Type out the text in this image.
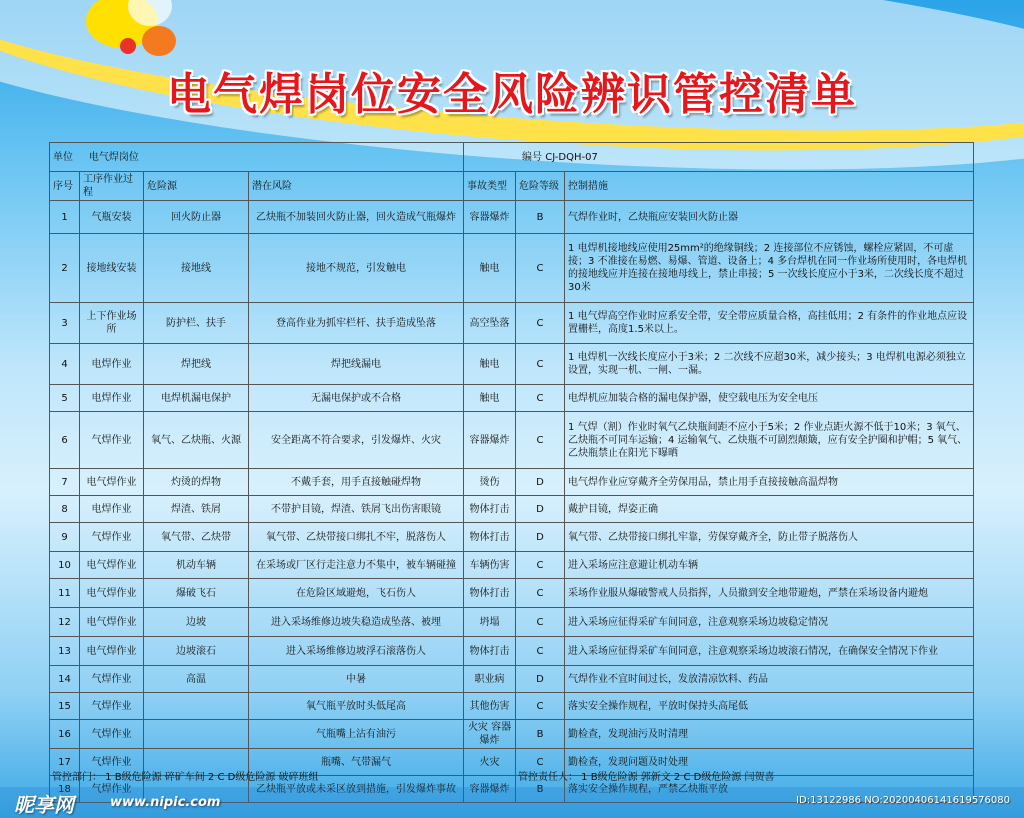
电气焊岗位安全风险辨识管控清单
单位 电气焊岗位				编号 CJ-DQH-07		
序号	工序作业过程	危险源	潜在风险	事故类型	危险等级	控制措施
1	气瓶安装	回火防止器	乙炔瓶不加装回火防止器，回火造成气瓶爆炸	容器爆炸	B	气焊作业时，乙炔瓶应安装回火防止器
2	接地线安装	接地线	接地不规范，引发触电	触电	C	1 电焊机接地线应使用25mm²的绝缘铜线；2 连接部位不应锈蚀，螺栓应紧固，不可虚接；3 不准接在易燃、易爆、管道、设备上；4 多台焊机在同一作业场所使用时，各电焊机的接地线应并连接在接地母线上，禁止串接；5 一次线长度应小于3米，二次线长度不超过30米
3	上下作业场所	防护栏、扶手	登高作业为抓牢栏杆、扶手造成坠落	高空坠落	C	1 电气焊高空作业时应系安全带，安全带应质量合格，高挂低用；2 有条件的作业地点应设置栅栏，高度1.5米以上。
4	电焊作业	焊把线	焊把线漏电	触电	C	1 电焊机一次线长度应小于3米；2 二次线不应超30米，减少接头；3 电焊机电源必须独立设置，实现一机、一闸、一漏。
5	电焊作业	电焊机漏电保护	无漏电保护或不合格	触电	C	电焊机应加装合格的漏电保护器，使空载电压为安全电压
6	气焊作业	氧气、乙炔瓶、火源	安全距离不符合要求，引发爆炸、火灾	容器爆炸	C	1 气焊（割）作业时氧气乙炔瓶间距不应小于5米；2 作业点距火源不低于10米；3 氧气、乙炔瓶不可同车运输；4 运输氧气、乙炔瓶不可剧烈颠簸，应有安全护圈和护帽；5 氧气、乙炔瓶禁止在阳光下曝晒
7	电气焊作业	灼烫的焊物	不戴手套，用手直接触碰焊物	烫伤	D	电气焊作业应穿戴齐全劳保用品，禁止用手直接接触高温焊物
8	电焊作业	焊渣、铁屑	不带护目镜，焊渣、铁屑飞出伤害眼镜	物体打击	D	戴护目镜，焊姿正确
9	气焊作业	氧气带、乙炔带	氧气带、乙炔带接口绑扎不牢，脱落伤人	物体打击	D	氧气带、乙炔带接口绑扎牢靠，劳保穿戴齐全，防止带子脱落伤人
10	电气焊作业	机动车辆	在采场或厂区行走注意力不集中，被车辆碰撞	车辆伤害	C	进入采场应注意避让机动车辆
11	电气焊作业	爆破飞石	在危险区域避炮，飞石伤人	物体打击	C	采场作业服从爆破警戒人员指挥，人员撤到安全地带避炮，严禁在采场设备内避炮
12	电气焊作业	边坡	进入采场维修边坡失稳造成坠落、被埋	坍塌	C	进入采场应征得采矿车间同意，注意观察采场边坡稳定情况
13	电气焊作业	边坡滚石	进入采场维修边坡浮石滚落伤人	物体打击	C	进入采场应征得采矿车间同意，注意观察采场边坡滚石情况，在确保安全情况下作业
14	气焊作业	高温	中暑	职业病	D	气焊作业不宜时间过长，发放清凉饮料、药品
15	气焊作业		氧气瓶平放时头低尾高	其他伤害	C	落实安全操作规程，平放时保持头高尾低
16	气焊作业		气瓶嘴上沾有油污	火灾 容器爆炸	B	勤检查，发现油污及时清理
17	气焊作业		瓶嘴、气带漏气	火灾	C	勤检查，发现问题及时处理
18	气焊作业		乙炔瓶平放或未采区放到措施，引发爆炸事故	容器爆炸	B	落实安全操作规程，严禁乙炔瓶平放
管控部门： 1 B级危险源 碎矿车间 2 C D级危险源 破碎班组	管控责任人： 1 B级危险源 郭新文 2 C D级危险源 闫贺喜
昵享网	www.nipic.com	ID:13122986 NO:20200406141619576080
